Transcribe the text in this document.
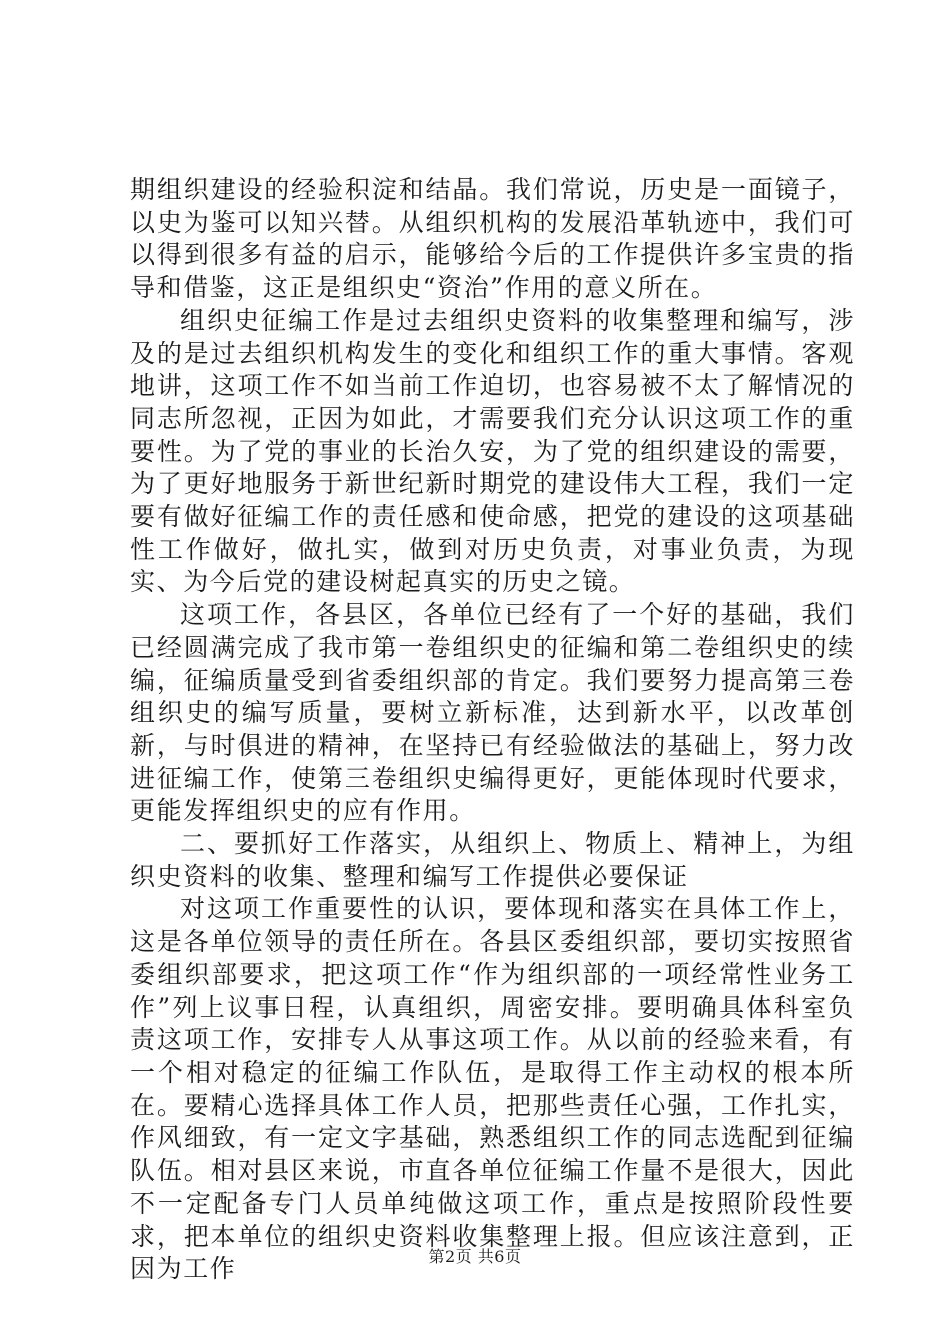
期组织建设的经验积淀和结晶。我们常说，历史是一面镜子，以史为鉴可以知兴替。从组织机构的发展沿革轨迹中，我们可以得到很多有益的启示，能够给今后的工作提供许多宝贵的指导和借鉴，这正是组织史“资治”作用的意义所在。

组织史征编工作是过去组织史资料的收集整理和编写，涉及的是过去组织机构发生的变化和组织工作的重大事情。客观地讲，这项工作不如当前工作迫切，也容易被不太了解情况的同志所忽视，正因为如此，才需要我们充分认识这项工作的重要性。为了党的事业的长治久安，为了党的组织建设的需要，为了更好地服务于新世纪新时期党的建设伟大工程，我们一定要有做好征编工作的责任感和使命感，把党的建设的这项基础性工作做好，做扎实，做到对历史负责，对事业负责，为现实、为今后党的建设树起真实的历史之镜。

这项工作，各县区，各单位已经有了一个好的基础，我们已经圆满完成了我市第一卷组织史的征编和第二卷组织史的续编，征编质量受到省委组织部的肯定。我们要努力提高第三卷组织史的编写质量，要树立新标准，达到新水平，以改革创新，与时俱进的精神，在坚持已有经验做法的基础上，努力改进征编工作，使第三卷组织史编得更好，更能体现时代要求，更能发挥组织史的应有作用。

二、要抓好工作落实，从组织上、物质上、精神上，为组织史资料的收集、整理和编写工作提供必要保证

对这项工作重要性的认识，要体现和落实在具体工作上，这是各单位领导的责任所在。各县区委组织部，要切实按照省委组织部要求，把这项工作“作为组织部的一项经常性业务工作”列上议事日程，认真组织，周密安排。要明确具体科室负责这项工作，安排专人从事这项工作。从以前的经验来看，有一个相对稳定的征编工作队伍，是取得工作主动权的根本所在。要精心选择具体工作人员，把那些责任心强，工作扎实，作风细致，有一定文字基础，熟悉组织工作的同志选配到征编队伍。相对县区来说，市直各单位征编工作量不是很大，因此不一定配备专门人员单纯做这项工作，重点是按照阶段性要求，把本单位的组织史资料收集整理上报。但应该注意到，正因为工作	第2页 共6页
